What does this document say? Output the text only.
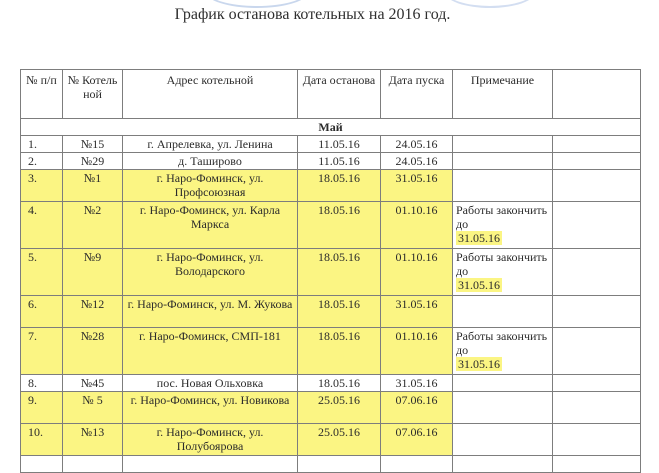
График останова котельных на 2016 год.
№ п/п	№ Котель ной	Адрес котельной	Дата останова	Дата пуска	Примечание	
Май						
1.	№15	г. Апрелевка, ул. Ленина	11.05.16	24.05.16		
2.	№29	д. Таширово	11.05.16	24.05.16		
3.	№1	г. Наро-Фоминск, ул. Профсоюзная	18.05.16	31.05.16		
4.	№2	г. Наро-Фоминск, ул. Карла Маркса	18.05.16	01.10.16	Работы закончить до
31.05.16	
5.	№9	г. Наро-Фоминск, ул. Володарского	18.05.16	01.10.16	Работы закончить до
31.05.16	
6.	№12	г. Наро-Фоминск, ул. М. Жукова	18.05.16	31.05.16		
7.	№28	г. Наро-Фоминск, СМП-181	18.05.16	01.10.16	Работы закончить до
31.05.16	
8.	№45	пос. Новая Ольховка	18.05.16	31.05.16		
9.	№ 5	г. Наро-Фоминск, ул. Новикова	25.05.16	07.06.16		
10.	№13	г. Наро-Фоминск, ул. Полубоярова	25.05.16	07.06.16		
